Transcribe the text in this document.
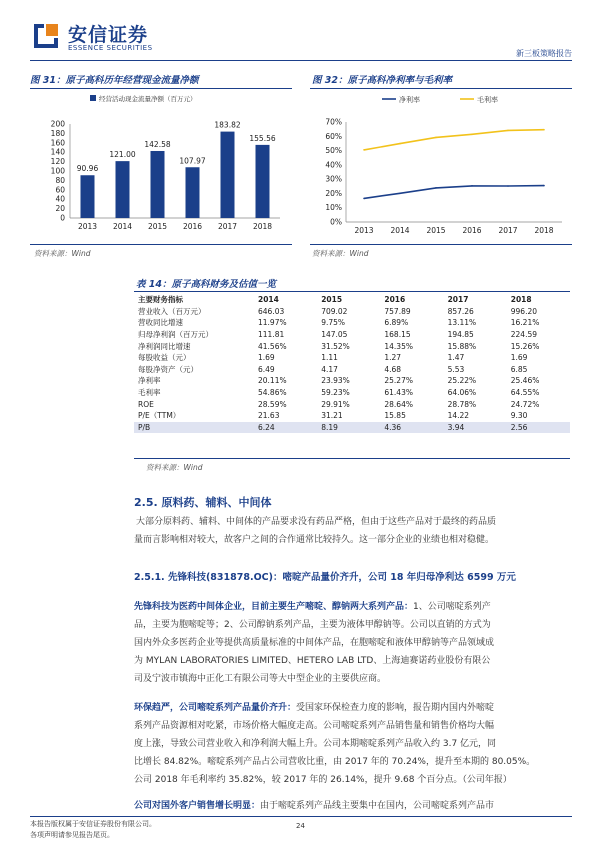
安信证券
ESSENCE SECURITIES
新三板策略报告
图 31：原子高科历年经营现金流量净额
经营活动现金流量净额（百万元）
0
20
40
60
80
100
120
140
160
180
200
90.96
2013
121.00
2014
142.58
2015
107.97
2016
183.82
2017
155.56
2018
资料来源：Wind
图 32：原子高科净利率与毛利率
净利率	毛利率
0%
10%
20%
30%
40%
50%
60%
70%
2013 2014 2015 2016 2017 2018
资料来源：Wind
表 14：原子高科财务及估值一览
主要财务指标	2014	2015	2016	2017	2018
营业收入（百万元）	646.03	709.02	757.89	857.26	996.20
营收同比增速	11.97%	9.75%	6.89%	13.11%	16.21%
归母净利润（百万元）	111.81	147.05	168.15	194.85	224.59
净利润同比增速	41.56%	31.52%	14.35%	15.88%	15.26%
每股收益（元）	1.69	1.11	1.27	1.47	1.69
每股净资产（元）	6.49	4.17	4.68	5.53	6.85
净利率	20.11%	23.93%	25.27%	25.22%	25.46%
毛利率	54.86%	59.23%	61.43%	64.06%	64.55%
ROE	28.59%	29.91%	28.64%	28.78%	24.72%
P/E（TTM）	21.63	31.21	15.85	14.22	9.30
P/B	6.24	8.19	4.36	3.94	2.56
资料来源：Wind
2.5. 原料药、辅料、中间体
大部分原料药、辅料、中间体的产品要求没有药品严格，但由于这些产品对于最终的药品质
量而言影响相对较大，故客户之间的合作通常比较持久。这一部分企业的业绩也相对稳健。
2.5.1. 先锋科技(831878.OC)：嘧啶产品量价齐升，公司 18 年归母净利达 6599 万元
先锋科技为医药中间体企业，目前主要生产嘧啶、醇钠两大系列产品：1、公司嘧啶系列产
品，主要为胞嘧啶等；2、公司醇钠系列产品，主要为液体甲醇钠等。公司以直销的方式为
国内外众多医药企业等提供高质量标准的中间体产品，在胞嘧啶和液体甲醇钠等产品领域成
为 MYLAN LABORATORIES LIMITED、HETERO LAB LTD、上海迪赛诺药业股份有限公
司及宁波市镇海中正化工有限公司等大中型企业的主要供应商。
环保趋严，公司嘧啶系列产品量价齐升：受国家环保检查力度的影响，报告期内国内外嘧啶
系列产品资源相对吃紧，市场价格大幅度走高。公司嘧啶系列产品销售量和销售价格均大幅
度上涨，导致公司营业收入和净利润大幅上升。公司本期嘧啶系列产品收入约 3.7 亿元，同
比增长 84.82%。嘧啶系列产品占公司营收比重，由 2017 年的 70.24%，提升至本期的 80.05%。
公司 2018 年毛利率约 35.82%，较 2017 年的 26.14%，提升 9.68 个百分点。（公司年报）
公司对国外客户销售增长明显：由于嘧啶系列产品线主要集中在国内，公司嘧啶系列产品市
本报告版权属于安信证券股份有限公司。
各项声明请参见报告尾页。
24
